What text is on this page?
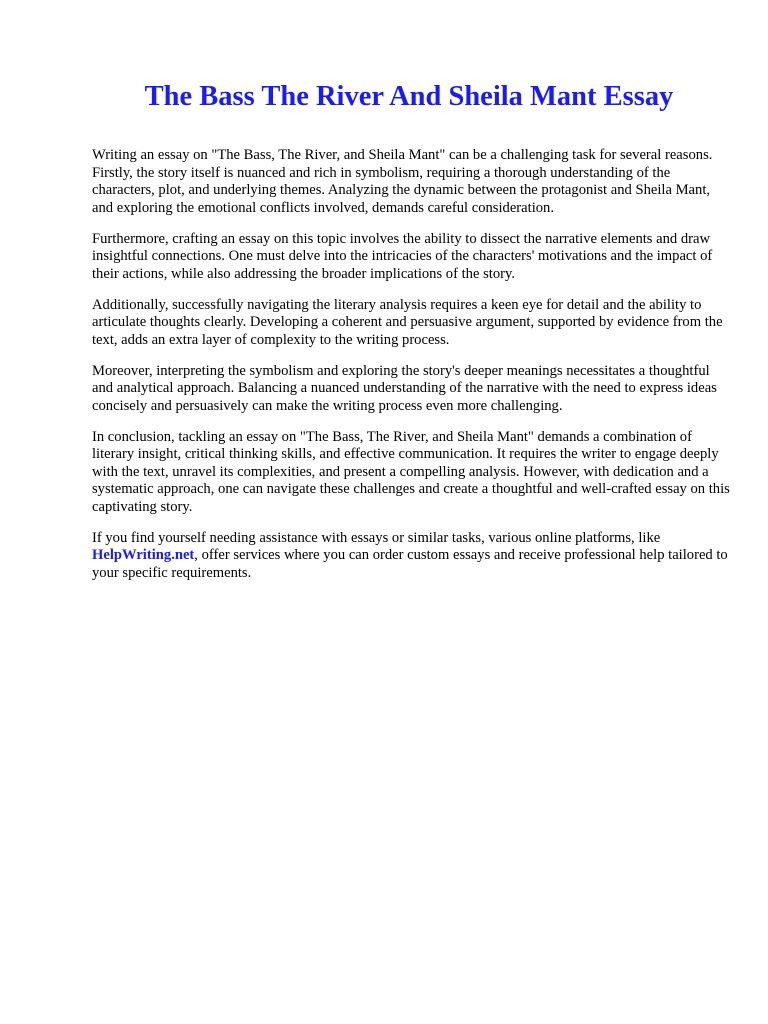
The Bass The River And Sheila Mant Essay

Writing an essay on "The Bass, The River, and Sheila Mant" can be a challenging task for several reasons. Firstly, the story itself is nuanced and rich in symbolism, requiring a thorough understanding of the characters, plot, and underlying themes. Analyzing the dynamic between the protagonist and Sheila Mant, and exploring the emotional conflicts involved, demands careful consideration.

Furthermore, crafting an essay on this topic involves the ability to dissect the narrative elements and draw insightful connections. One must delve into the intricacies of the characters' motivations and the impact of their actions, while also addressing the broader implications of the story.

Additionally, successfully navigating the literary analysis requires a keen eye for detail and the ability to articulate thoughts clearly. Developing a coherent and persuasive argument, supported by evidence from the text, adds an extra layer of complexity to the writing process.

Moreover, interpreting the symbolism and exploring the story's deeper meanings necessitates a thoughtful and analytical approach. Balancing a nuanced understanding of the narrative with the need to express ideas concisely and persuasively can make the writing process even more challenging.

In conclusion, tackling an essay on "The Bass, The River, and Sheila Mant" demands a combination of literary insight, critical thinking skills, and effective communication. It requires the writer to engage deeply with the text, unravel its complexities, and present a compelling analysis. However, with dedication and a systematic approach, one can navigate these challenges and create a thoughtful and well-crafted essay on this captivating story.

If you find yourself needing assistance with essays or similar tasks, various online platforms, like HelpWriting.net, offer services where you can order custom essays and receive professional help tailored to your specific requirements.
